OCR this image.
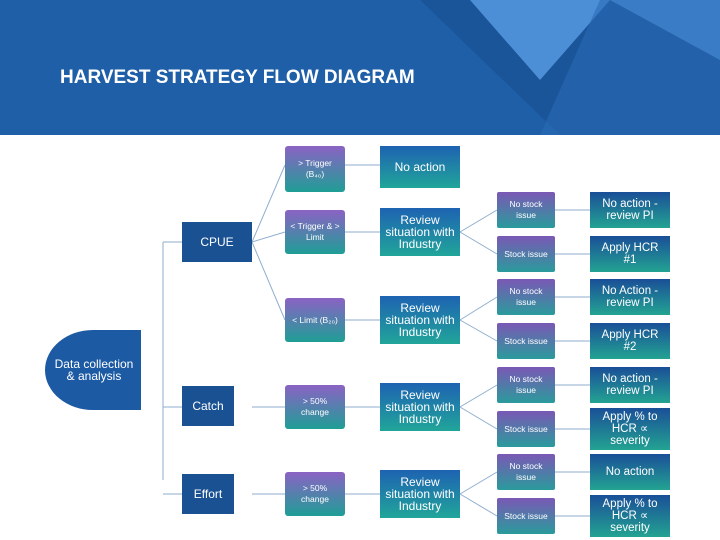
HARVEST STRATEGY FLOW DIAGRAM
Data collection & analysis
CPUE
Catch
Effort
> Trigger (B₄₀)
< Trigger & > Limit
< Limit (B₂₀)
> 50% change
> 50% change
No action
Review situation with Industry
Review situation with Industry
Review situation with Industry
Review situation with Industry
No stock issue
Stock issue
No stock issue
Stock issue
No stock issue
Stock issue
No stock issue
Stock issue
No action - review PI
Apply HCR #1
No Action - review PI
Apply HCR #2
No action - review PI
Apply % to HCR ∝ severity
No action
Apply % to HCR ∝ severity
